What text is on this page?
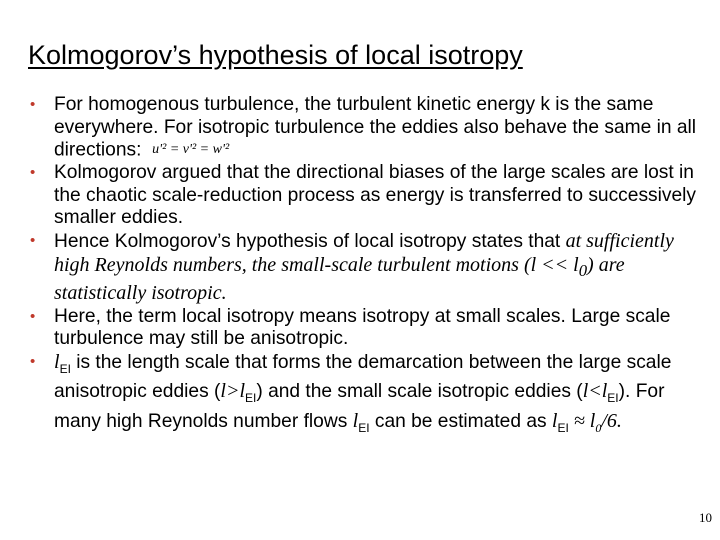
Kolmogorov’s hypothesis of local isotropy
• For homogenous turbulence, the turbulent kinetic energy k is the same everywhere. For isotropic turbulence the eddies also behave the same in all directions: u'² = v'² = w'²
• Kolmogorov argued that the directional biases of the large scales are lost in the chaotic scale-reduction process as energy is transferred to successively smaller eddies.
• Hence Kolmogorov’s hypothesis of local isotropy states that at sufficiently high Reynolds numbers, the small-scale turbulent motions $(l << l_0)$ are statistically isotropic.
• Here, the term local isotropy means isotropy at small scales. Large scale turbulence may still be anisotropic.
• $l_{EI}$ is the length scale that forms the demarcation between the large scale anisotropic eddies $(l>l_{EI})$ and the small scale isotropic eddies $(l<l_{EI})$. For many high Reynolds number flows $l_{EI}$ can be estimated as $l_{EI} \approx l_0/6$.
10
